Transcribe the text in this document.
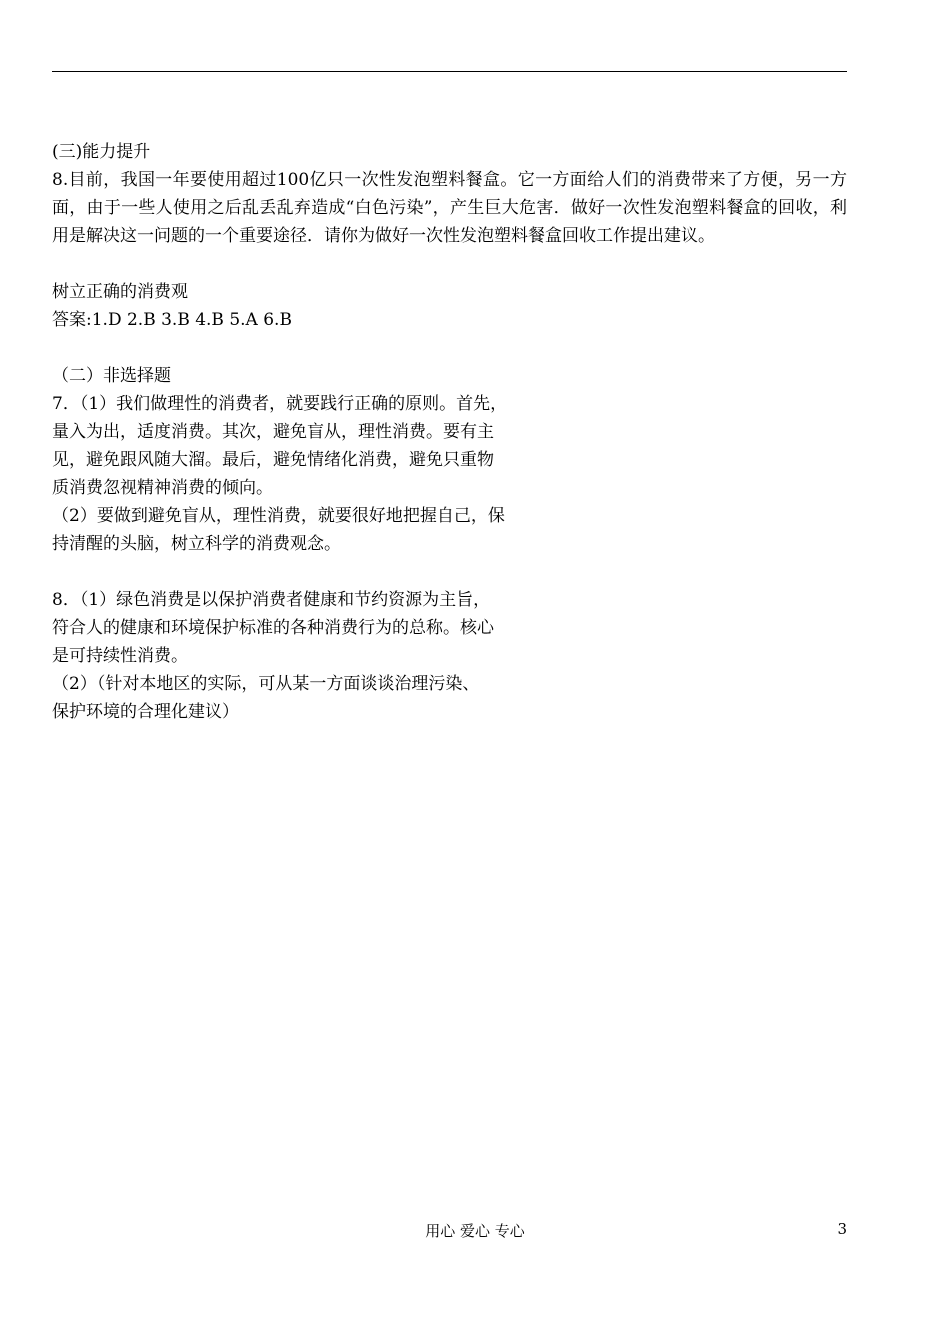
(三)能力提升

8.目前，我国一年要使用超过100亿只一次性发泡塑料餐盒。它一方面给人们的消费带来了方便，另一方面，由于一些人使用之后乱丢乱弃造成“白色污染”，产生巨大危害．做好一次性发泡塑料餐盒的回收，利用是解决这一问题的一个重要途径．请你为做好一次性发泡塑料餐盒回收工作提出建议。

树立正确的消费观

答案:1.D 2.B 3.B 4.B 5.A 6.B

（二）非选择题

7．（1）我们做理性的消费者，就要践行正确的原则。首先，

量入为出，适度消费。其次，避免盲从，理性消费。要有主

见，避免跟风随大溜。最后，避免情绪化消费，避免只重物

质消费忽视精神消费的倾向。

（2）要做到避免盲从，理性消费，就要很好地把握自己，保

持清醒的头脑，树立科学的消费观念。

8．（1）绿色消费是以保护消费者健康和节约资源为主旨，

符合人的健康和环境保护标准的各种消费行为的总称。核心

是可持续性消费。

（2）（针对本地区的实际，可从某一方面谈谈治理污染、

保护环境的合理化建议）

用心 爱心 专心	3
